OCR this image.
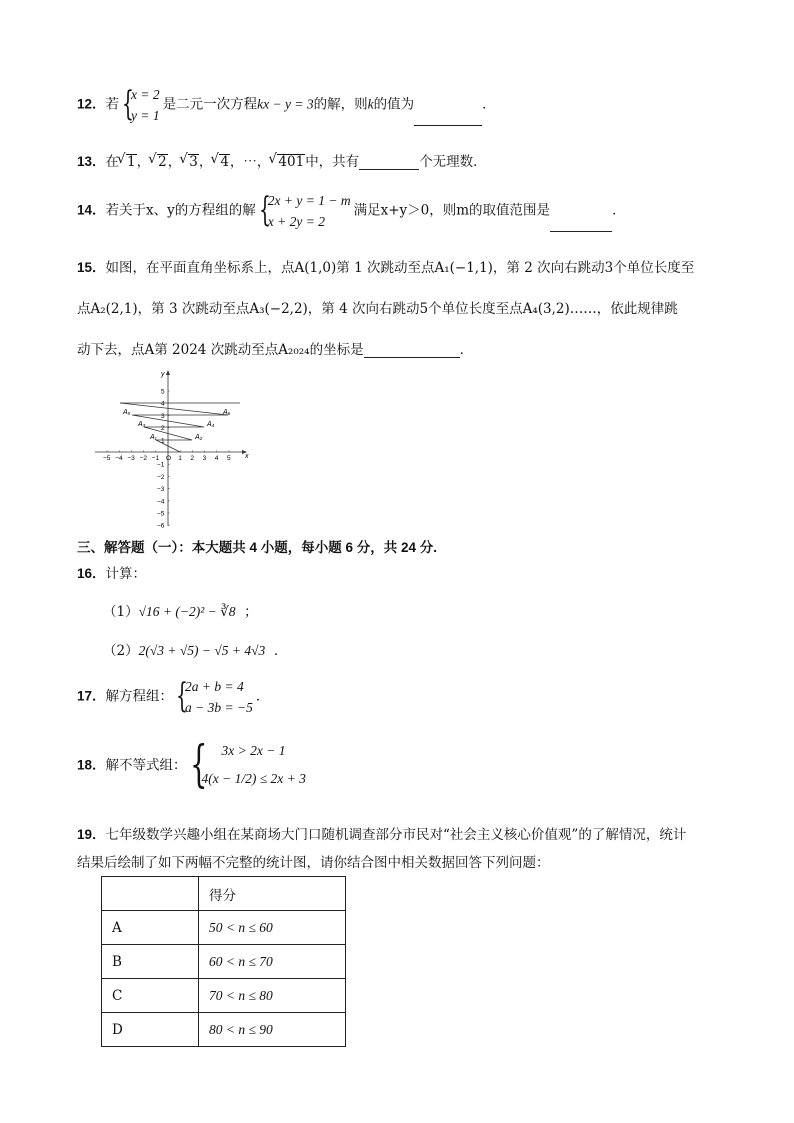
12．若 {
x = 2
y = 1
是二元一次方程kx − y = 3的解，则k的值为	．
13．在 √ 1， √ 2， √ 3， √ 4，⋯， √ 401中，共有	个无理数．
14．若关于x、y的方程组的解 {
2x + y = 1 − m
x + 2y = 2
满足x+y＞0，则m的取值范围是	．
15．如图，在平面直角坐标系上，点A(1,0)第 1 次跳动至点A₁(−1,1)，第 2 次向右跳动3个单位长度至
点A₂(2,1)，第 3 次跳动至点A₃(−2,2)，第 4 次向右跳动5个单位长度至点A₄(3,2)……，依此规律跳
动下去，点A第 2024 次跳动至点A₂₀₂₄的坐标是	．
x
y
−5 −4 −3 −2 −1 O 1 2 3 4 5
5
4
3
2
1
−1
−2
−3
−4
−5
−6
A₁	A₂
A₃	A₄
A₅	A₆
三、解答题（一）：本大题共 4 小题，每小题 6 分，共 24 分.
16．计算：
（1）√16 + (−2)² − ∛8 ；
（2）2(√3 + √5) − √5 + 4√3 ．
17．解方程组： {
2a + b = 4
a − 3b = −5
．
18．解不等式组： {	3x > 2x − 1
4(x − 1/2) ≤ 2x + 3
19．七年级数学兴趣小组在某商场大门口随机调查部分市民对“社会主义核心价值观”的了解情况，统计
结果后绘制了如下两幅不完整的统计图，请你结合图中相关数据回答下列问题：
	得分
A	50 < n ≤ 60
B	60 < n ≤ 70
C	70 < n ≤ 80
D	80 < n ≤ 90
